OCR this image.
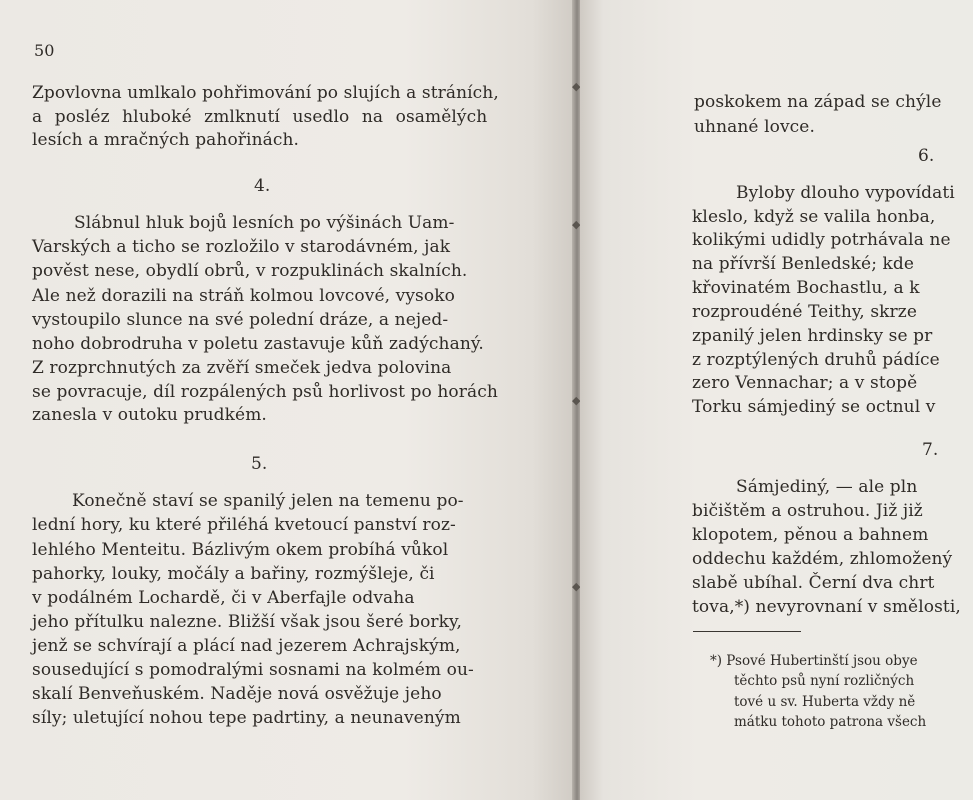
50
Zpovlovna umlkalo pohřimování po slujích a stráních,
a posléz hluboké zmlknutí usedlo na osamělých
lesích a mračných pahořinách.
4.
Slábnul hluk bojů lesních po výšinách Uam-
Varských a ticho se rozložilo v starodávném, jak
pověst nese, obydlí obrů, v rozpuklinách skalních.
Ale než dorazili na stráň kolmou lovcové, vysoko
vystoupilo slunce na své polední dráze, a nejed-
noho dobrodruha v poletu zastavuje kůň zadýchaný.
Z rozprchnutých za zvěří smeček jedva polovina
se povracuje, díl rozpálených psů horlivost po horách
zanesla v outoku prudkém.
5.
Konečně staví se spanilý jelen na temenu po-
lední hory, ku které přiléhá kvetoucí panství roz-
lehlého Menteitu. Bázlivým okem probíhá vůkol
pahorky, louky, močály a bařiny, rozmýšleje, či
v podálném Lochardě, či v Aberfajle odvaha
jeho přítulku nalezne. Bližší však jsou šeré borky,
jenž se schvírají a plácí nad jezerem Achrajským,
sousedující s pomodralými sosnami na kolmém ou-
skalí Benveňuském. Naděje nová osvěžuje jeho
síly; uletující nohou tepe padrtiny, a neunaveným
◆
◆
◆
◆
poskokem na západ se chýle
uhnané lovce.
6.
Byloby dlouho vypovídati
kleslo, když se valila honba,
kolikými udidly potrhávala ne
na přívrší Benledské; kde
křovinatém Bochastlu, a k
rozproudéné Teithy, skrze
zpanilý jelen hrdinsky se pr
z rozptýlených druhů pádíce
zero Vennachar; a v stopě
Torku sámjediný se octnul v
7.
Sámjediný, — ale pln
bičištěm a ostruhou. Již již
klopotem, pěnou a bahnem
oddechu každém, zhlomožený
slabě ubíhal. Černí dva chrt
tova,*) nevyrovnaní v smělosti,
*) Psové Hubertinští jsou obye
těchto psů nyní rozličných
tové u sv. Huberta vždy ně
mátku tohoto patrona všech
